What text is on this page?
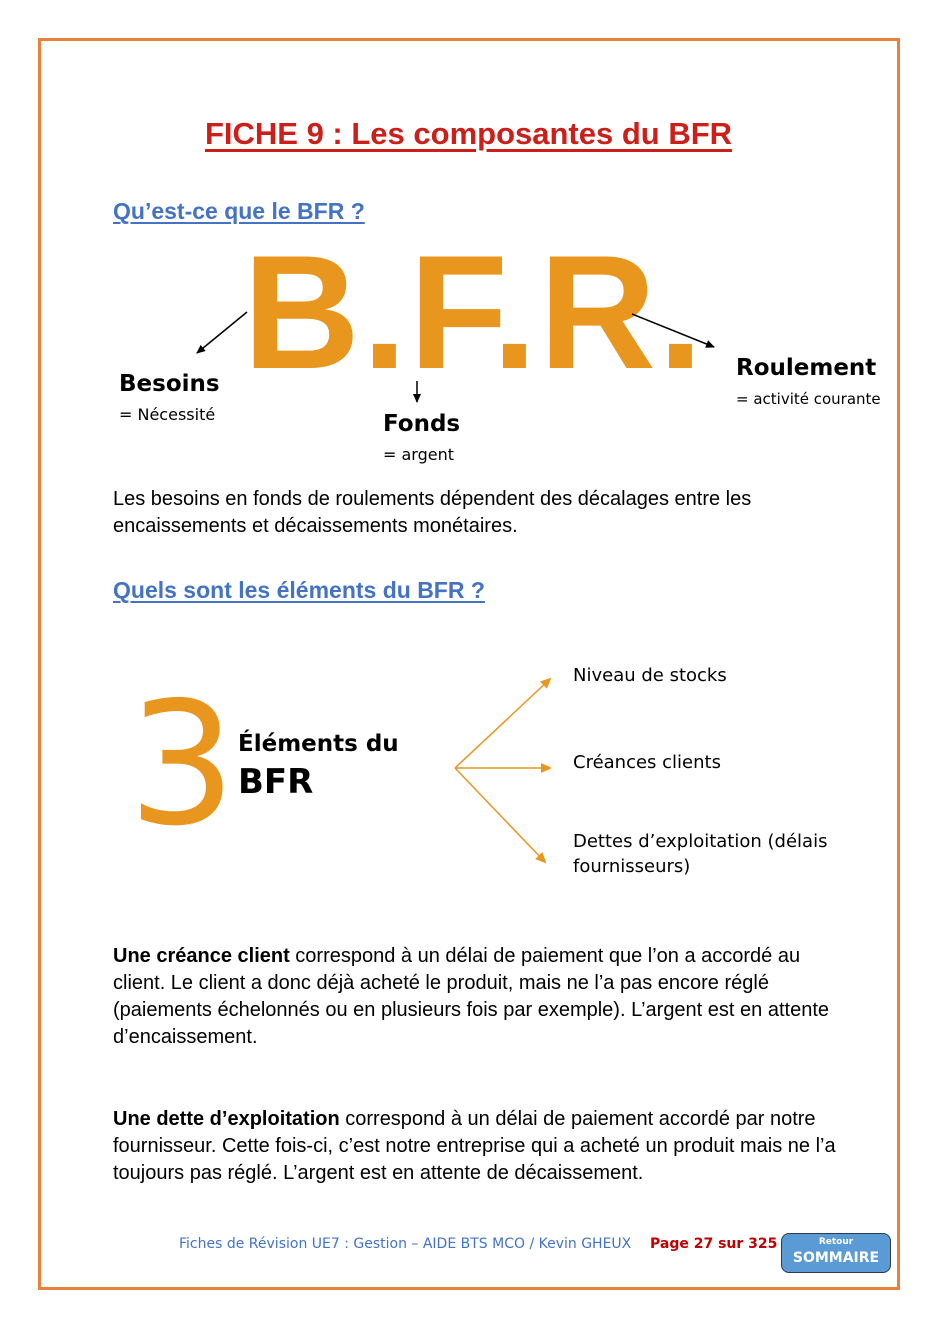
FICHE 9 : Les composantes du BFR
Qu’est-ce que le BFR ?
B.F.R.
Besoins
= Nécessité	Fonds
= argent
Roulement
= activité courante
Les besoins en fonds de roulements dépendent des décalages entre les encaissements et décaissements monétaires.
Quels sont les éléments du BFR ?
3 Éléments du
BFR
Niveau de stocks
Créances clients
Dettes d’exploitation (délais fournisseurs)
Une créance client correspond à un délai de paiement que l’on a accordé au client. Le client a donc déjà acheté le produit, mais ne l’a pas encore réglé (paiements échelonnés ou en plusieurs fois par exemple). L’argent est en attente d’encaissement.
Une dette d’exploitation correspond à un délai de paiement accordé par notre fournisseur. Cette fois-ci, c’est notre entreprise qui a acheté un produit mais ne l’a toujours pas réglé. L’argent est en attente de décaissement.
Fiches de Révision UE7 : Gestion – AIDE BTS MCO / Kevin GHEUX Page 27 sur 325	Retour
SOMMAIRE
